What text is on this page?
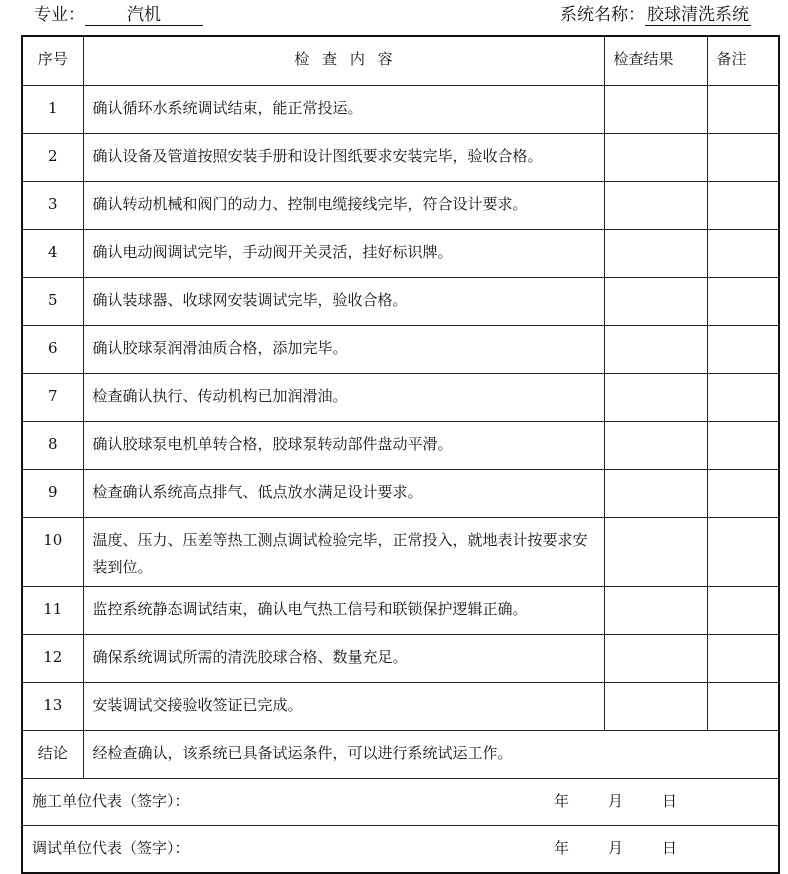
专业： 汽机	系统名称： 胶球清洗系统
序号	检 查 内 容	检查结果	备注
1	确认循环水系统调试结束，能正常投运。		
2	确认设备及管道按照安装手册和设计图纸要求安装完毕，验收合格。		
3	确认转动机械和阀门的动力、控制电缆接线完毕，符合设计要求。		
4	确认电动阀调试完毕，手动阀开关灵活，挂好标识牌。		
5	确认装球器、收球网安装调试完毕，验收合格。		
6	确认胶球泵润滑油质合格，添加完毕。		
7	检查确认执行、传动机构已加润滑油。		
8	确认胶球泵电机单转合格，胶球泵转动部件盘动平滑。		
9	检查确认系统高点排气、低点放水满足设计要求。		
10	温度、压力、压差等热工测点调试检验完毕，正常投入，就地表计按要求安装到位。		
11	监控系统静态调试结束，确认电气热工信号和联锁保护逻辑正确。		
12	确保系统调试所需的清洗胶球合格、数量充足。		
13	安装调试交接验收签证已完成。		
结论	经检查确认，该系统已具备试运条件，可以进行系统试运工作。		
施工单位代表（签字）： 年 月 日			

调试单位代表（签字）： 年 月 日			
